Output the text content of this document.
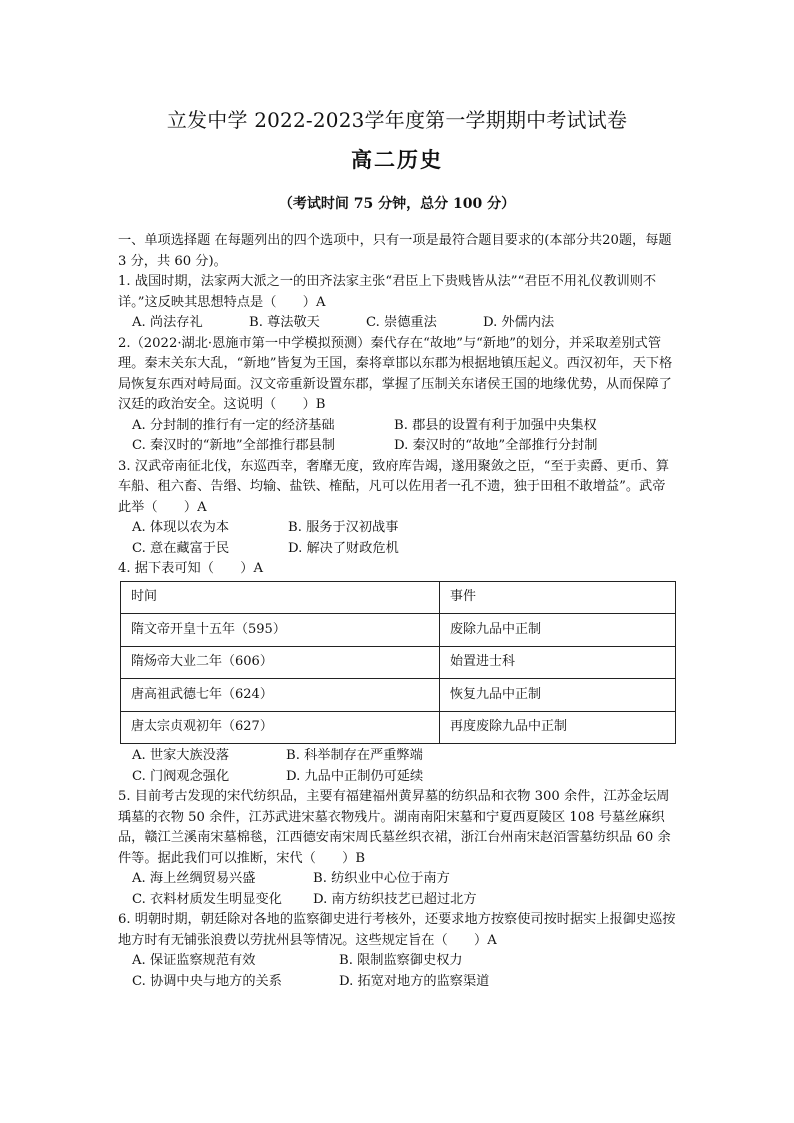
立发中学 2022-2023学年度第一学期期中考试试卷
高二历史
（考试时间 75 分钟，总分 100 分）

一、单项选择题 在每题列出的四个选项中，只有一项是最符合题目要求的(本部分共20题，每题 3 分，共 60 分)。

1. 战国时期，法家两大派之一的田齐法家主张“君臣上下贵贱皆从法”“君臣不用礼仪教训则不详。”这反映其思想特点是（　　）A

A. 尚法存礼	B. 尊法敬天	C. 崇德重法	D. 外儒内法

2.（2022·湖北·恩施市第一中学模拟预测）秦代存在“故地”与“新地”的划分，并采取差别式管理。秦末关东大乱，“新地”皆复为王国，秦将章邯以东郡为根据地镇压起义。西汉初年，天下格局恢复东西对峙局面。汉文帝重新设置东郡，掌握了压制关东诸侯王国的地缘优势，从而保障了汉廷的政治安全。这说明（　　）B

A. 分封制的推行有一定的经济基础	B. 郡县的设置有利于加强中央集权
C. 秦汉时的“新地”全部推行郡县制	D. 秦汉时的“故地”全部推行分封制

3. 汉武帝南征北伐，东巡西幸，奢靡无度，致府库告竭，遂用聚敛之臣，“至于卖爵、更币、算车船、租六畜、告缗、均输、盐铁、榷酤，凡可以佐用者一孔不遗，独于田租不敢增益”。武帝此举（　　）A

A. 体现以农为本	B. 服务于汉初战事
C. 意在藏富于民	D. 解决了财政危机

4. 据下表可知（　　）A

时间	事件
隋文帝开皇十五年（595）	废除九品中正制
隋炀帝大业二年（606）	始置进士科
唐高祖武德七年（624）	恢复九品中正制
唐太宗贞观初年（627）	再度废除九品中正制
A. 世家大族没落	B. 科举制存在严重弊端
C. 门阀观念强化	D. 九品中正制仍可延续

5. 目前考古发现的宋代纺织品，主要有福建福州黄昇墓的纺织品和衣物 300 余件，江苏金坛周瑀墓的衣物 50 余件，江苏武进宋墓衣物残片。湖南南阳宋墓和宁夏西夏陵区 108 号墓丝麻织品，赣江兰溪南宋墓棉毯，江西德安南宋周氏墓丝织衣裙，浙江台州南宋赵洦霅墓纺织品 60 余件等。据此我们可以推断，宋代（　　）B

A. 海上丝绸贸易兴盛	B. 纺织业中心位于南方
C. 衣料材质发生明显变化	D. 南方纺织技艺已超过北方

6. 明朝时期，朝廷除对各地的监察御史进行考核外，还要求地方按察使司按时据实上报御史巡按地方时有无铺张浪费以劳扰州县等情况。这些规定旨在（　　）A

A. 保证监察规范有效	B. 限制监察御史权力
C. 协调中央与地方的关系	D. 拓宽对地方的监察渠道
